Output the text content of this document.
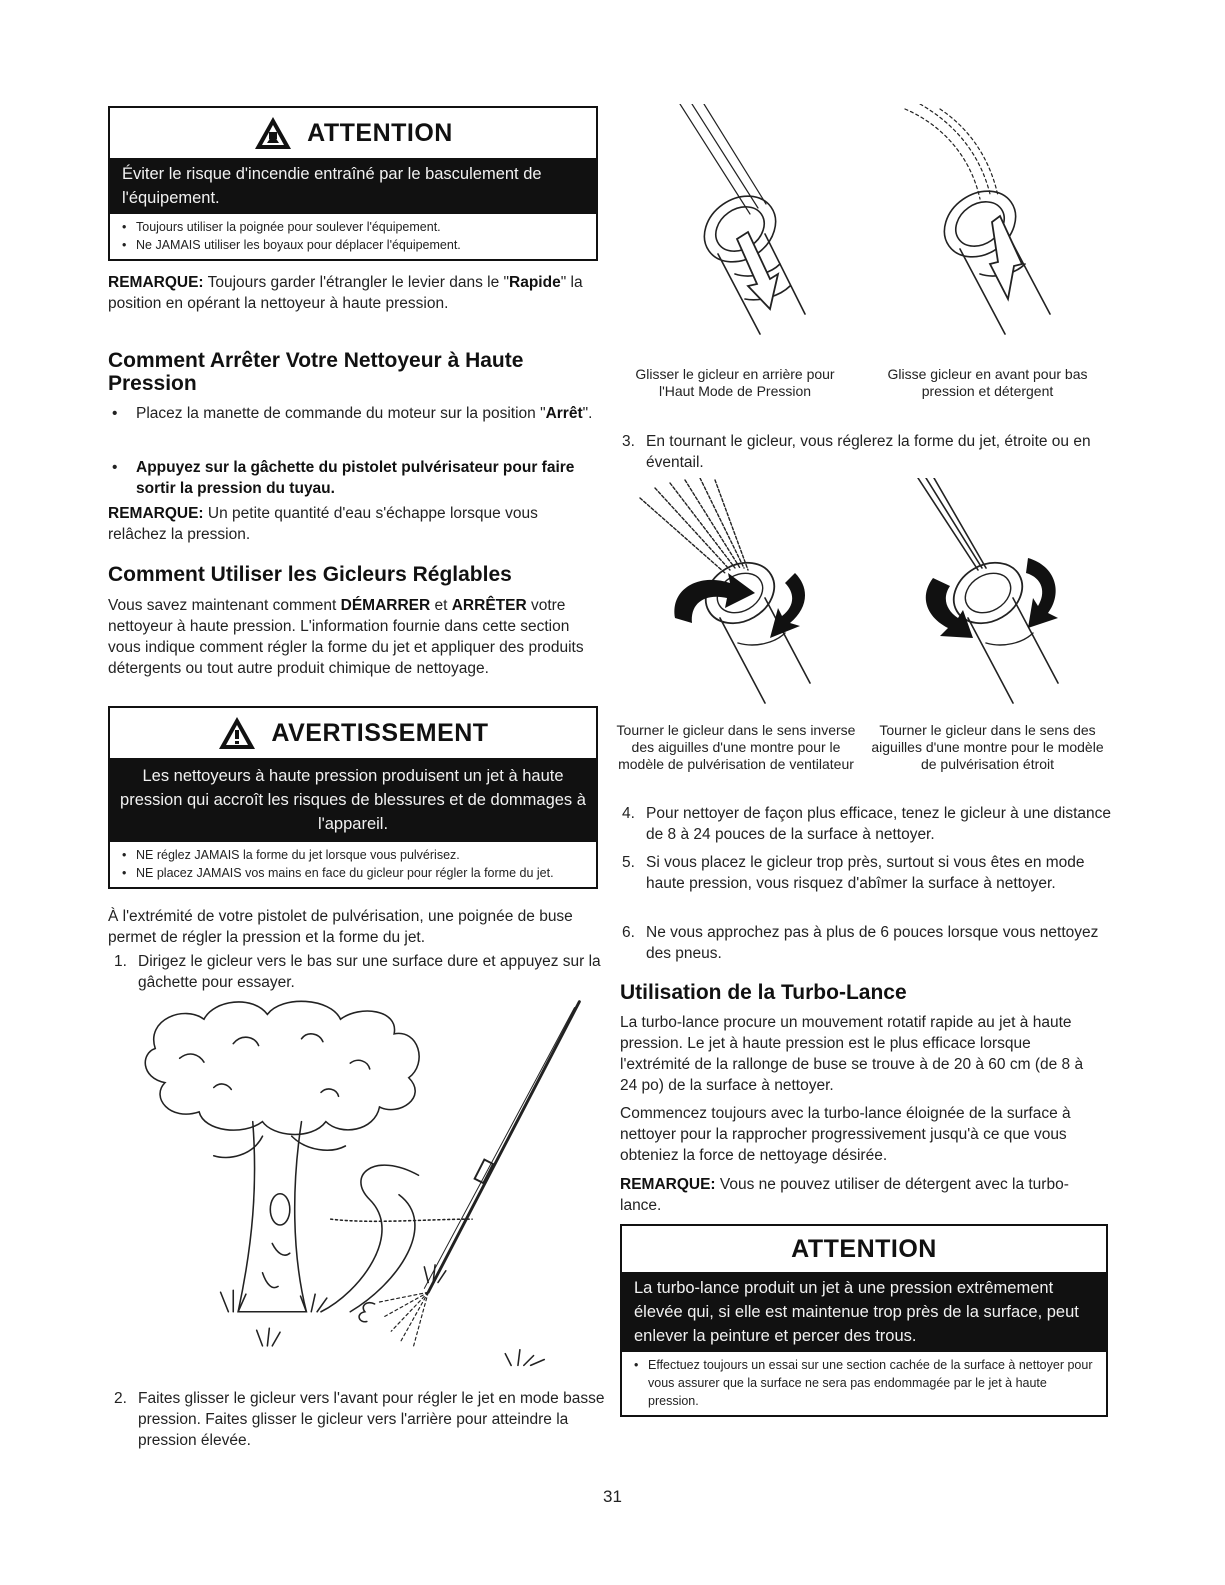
ATTENTION
Éviter le risque d'incendie entraîné par le basculement de l'équipement.
• Toujours utiliser la poignée pour soulever l'équipement.
• Ne JAMAIS utiliser les boyaux pour déplacer l'équipement.

REMARQUE: Toujours garder l'étrangler le levier dans le "Rapide" la position en opérant la nettoyeur à haute pression.

Comment Arrêter Votre Nettoyeur à Haute Pression
• Placez la manette de commande du moteur sur la position "Arrêt".
• Appuyez sur la gâchette du pistolet pulvérisateur pour faire sortir la pression du tuyau.

REMARQUE: Un petite quantité d'eau s'échappe lorsque vous relâchez la pression.

Comment Utiliser les Gicleurs Réglables

Vous savez maintenant comment DÉMARRER et ARRÊTER votre nettoyeur à haute pression. L'information fournie dans cette section vous indique comment régler la forme du jet et appliquer des produits détergents ou tout autre produit chimique de nettoyage.

AVERTISSEMENT
Les nettoyeurs à haute pression produisent un jet à haute pression qui accroît les risques de blessures et de dommages à l'appareil.
• NE réglez JAMAIS la forme du jet lorsque vous pulvérisez.
• NE placez JAMAIS vos mains en face du gicleur pour régler la forme du jet.

À l'extrémité de votre pistolet de pulvérisation, une poignée de buse permet de régler la pression et la forme du jet.

1. Dirigez le gicleur vers le bas sur une surface dure et appuyez sur la gâchette pour essayer.
2. Faites glisser le gicleur vers l'avant pour régler le jet en mode basse pression. Faites glisser le gicleur vers l'arrière pour atteindre la pression élevée.

Glisser le gicleur en arrière pour l'Haut Mode de Pression

Glisse gicleur en avant pour bas pression et détergent

3. En tournant le gicleur, vous réglerez la forme du jet, étroite ou en éventail.

Tourner le gicleur dans le sens inverse des aiguilles d'une montre pour le modèle de pulvérisation de ventilateur

Tourner le gicleur dans le sens des aiguilles d'une montre pour le modèle de pulvérisation étroit

4. Pour nettoyer de façon plus efficace, tenez le gicleur à une distance de 8 à 24 pouces de la surface à nettoyer.
5. Si vous placez le gicleur trop près, surtout si vous êtes en mode haute pression, vous risquez d'abîmer la surface à nettoyer.
6. Ne vous approchez pas à plus de 6 pouces lorsque vous nettoyez des pneus.
Utilisation de la Turbo-Lance

La turbo-lance procure un mouvement rotatif rapide au jet à haute pression. Le jet à haute pression est le plus efficace lorsque l'extrémité de la rallonge de buse se trouve à de 20 à 60 cm (de 8 à 24 po) de la surface à nettoyer.

Commencez toujours avec la turbo-lance éloignée de la surface à nettoyer pour la rapprocher progressivement jusqu'à ce que vous obteniez la force de nettoyage désirée.

REMARQUE: Vous ne pouvez utiliser de détergent avec la turbo-lance.

ATTENTION
La turbo-lance produit un jet à une pression extrêmement élevée qui, si elle est maintenue trop près de la surface, peut enlever la peinture et percer des trous.
• Effectuez toujours un essai sur une section cachée de la surface à nettoyer pour vous assurer que la surface ne sera pas endommagée par le jet à haute pression.
31
